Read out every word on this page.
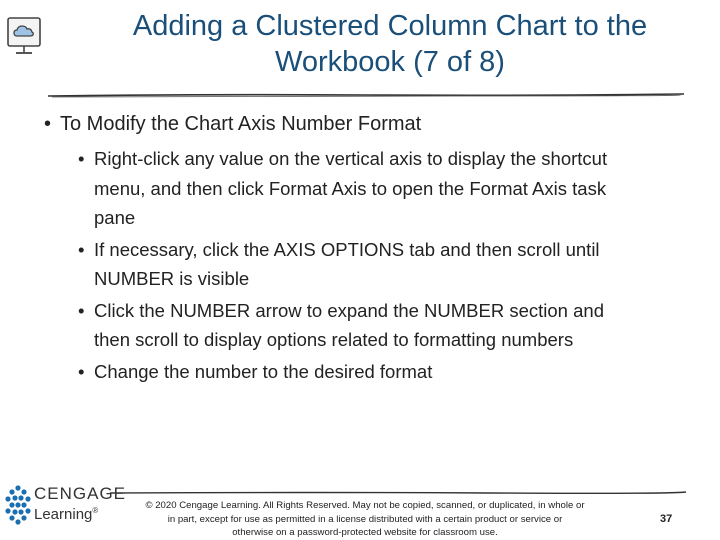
Adding a Clustered Column Chart to the
Workbook (7 of 8)
• To Modify the Chart Axis Number Format
• Right-click any value on the vertical axis to display the shortcut
menu, and then click Format Axis to open the Format Axis task
pane
• If necessary, click the AXIS OPTIONS tab and then scroll until
NUMBER is visible
• Click the NUMBER arrow to expand the NUMBER section and
then scroll to display options related to formatting numbers
• Change the number to the desired format
CENGAGE
Learning®	© 2020 Cengage Learning. All Rights Reserved. May not be copied, scanned, or duplicated, in whole or
in part, except for use as permitted in a license distributed with a certain product or service or
otherwise on a password-protected website for classroom use.
37
